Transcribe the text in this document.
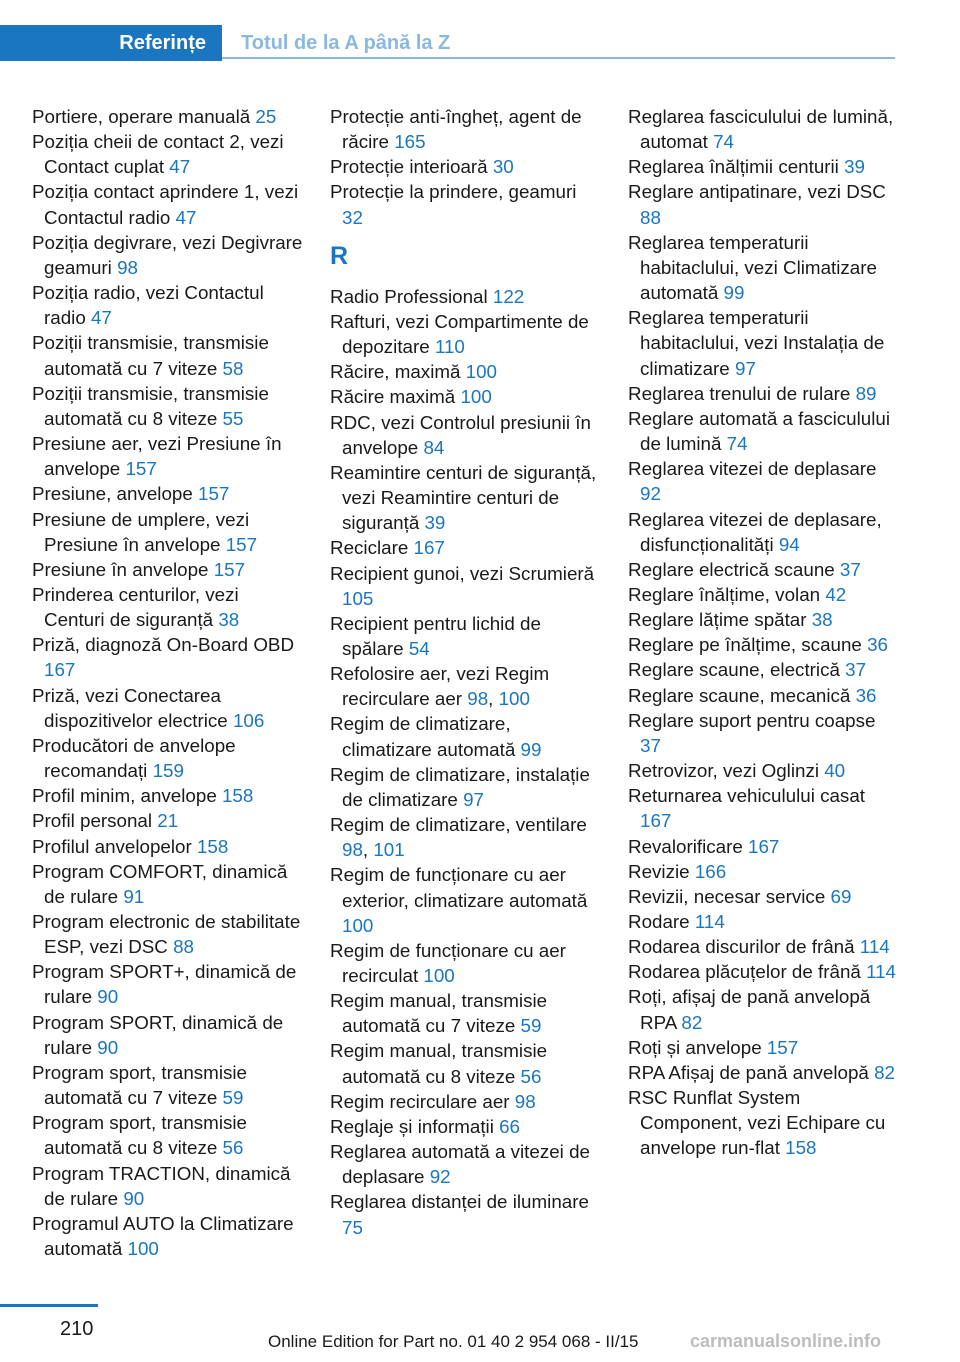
Referințe	Totul de la A până la Z
Portiere, operare manuală 25
Poziția cheii de contact 2, vezi Contact cuplat 47
Poziția contact aprindere 1, vezi Contactul radio 47
Poziția degivrare, vezi Degivrare geamuri 98
Poziția radio, vezi Contactul radio 47
Poziții transmisie, transmisie automată cu 7 viteze 58
Poziții transmisie, transmisie automată cu 8 viteze 55
Presiune aer, vezi Presiune în anvelope 157
Presiune, anvelope 157
Presiune de umplere, vezi Presiune în anvelope 157
Presiune în anvelope 157
Prinderea centurilor, vezi Centuri de siguranță 38
Priză, diagnoză On-Board OBD 167
Priză, vezi Conectarea dispozitivelor electrice 106
Producători de anvelope recomandați 159
Profil minim, anvelope 158
Profil personal 21
Profilul anvelopelor 158
Program COMFORT, dinamică de rulare 91
Program electronic de stabilitate ESP, vezi DSC 88
Program SPORT+, dinamică de rulare 90
Program SPORT, dinamică de rulare 90
Program sport, transmisie automată cu 7 viteze 59
Program sport, transmisie automată cu 8 viteze 56
Program TRACTION, dinamică de rulare 90
Programul AUTO la Climatizare automată 100
Protecție anti-îngheț, agent de răcire 165
Protecție interioară 30
Protecție la prindere, geamuri 32
R
Radio Professional 122
Rafturi, vezi Compartimente de depozitare 110
Răcire, maximă 100
Răcire maximă 100
RDC, vezi Controlul presiunii în anvelope 84
Reamintire centuri de siguranță, vezi Reamintire centuri de siguranță 39
Reciclare 167
Recipient gunoi, vezi Scrumieră 105
Recipient pentru lichid de spălare 54
Refolosire aer, vezi Regim recirculare aer 98, 100
Regim de climatizare, climatizare automată 99
Regim de climatizare, instalație de climatizare 97
Regim de climatizare, ventilare 98, 101
Regim de funcționare cu aer exterior, climatizare automată 100
Regim de funcționare cu aer recirculat 100
Regim manual, transmisie automată cu 7 viteze 59
Regim manual, transmisie automată cu 8 viteze 56
Regim recirculare aer 98
Reglaje și informații 66
Reglarea automată a vitezei de deplasare 92
Reglarea distanței de iluminare 75
Reglarea fasciculului de lumină, automat 74
Reglarea înălțimii centurii 39
Reglare antipatinare, vezi DSC 88
Reglarea temperaturii habitaclului, vezi Climatizare automată 99
Reglarea temperaturii habitaclului, vezi Instalația de climatizare 97
Reglarea trenului de rulare 89
Reglare automată a fasciculului de lumină 74
Reglarea vitezei de deplasare 92
Reglarea vitezei de deplasare, disfuncționalități 94
Reglare electrică scaune 37
Reglare înălțime, volan 42
Reglare lățime spătar 38
Reglare pe înălțime, scaune 36
Reglare scaune, electrică 37
Reglare scaune, mecanică 36
Reglare suport pentru coapse 37
Retrovizor, vezi Oglinzi 40
Returnarea vehiculului casat 167
Revalorificare 167
Revizie 166
Revizii, necesar service 69
Rodare 114
Rodarea discurilor de frână 114
Rodarea plăcuțelor de frână 114
Roți, afișaj de pană anvelopă RPA 82
Roți și anvelope 157
RPA Afișaj de pană anvelopă 82
RSC Runflat System Component, vezi Echipare cu anvelope run-flat 158
210
Online Edition for Part no. 01 40 2 954 068 - II/15	carmanualsonline.info
